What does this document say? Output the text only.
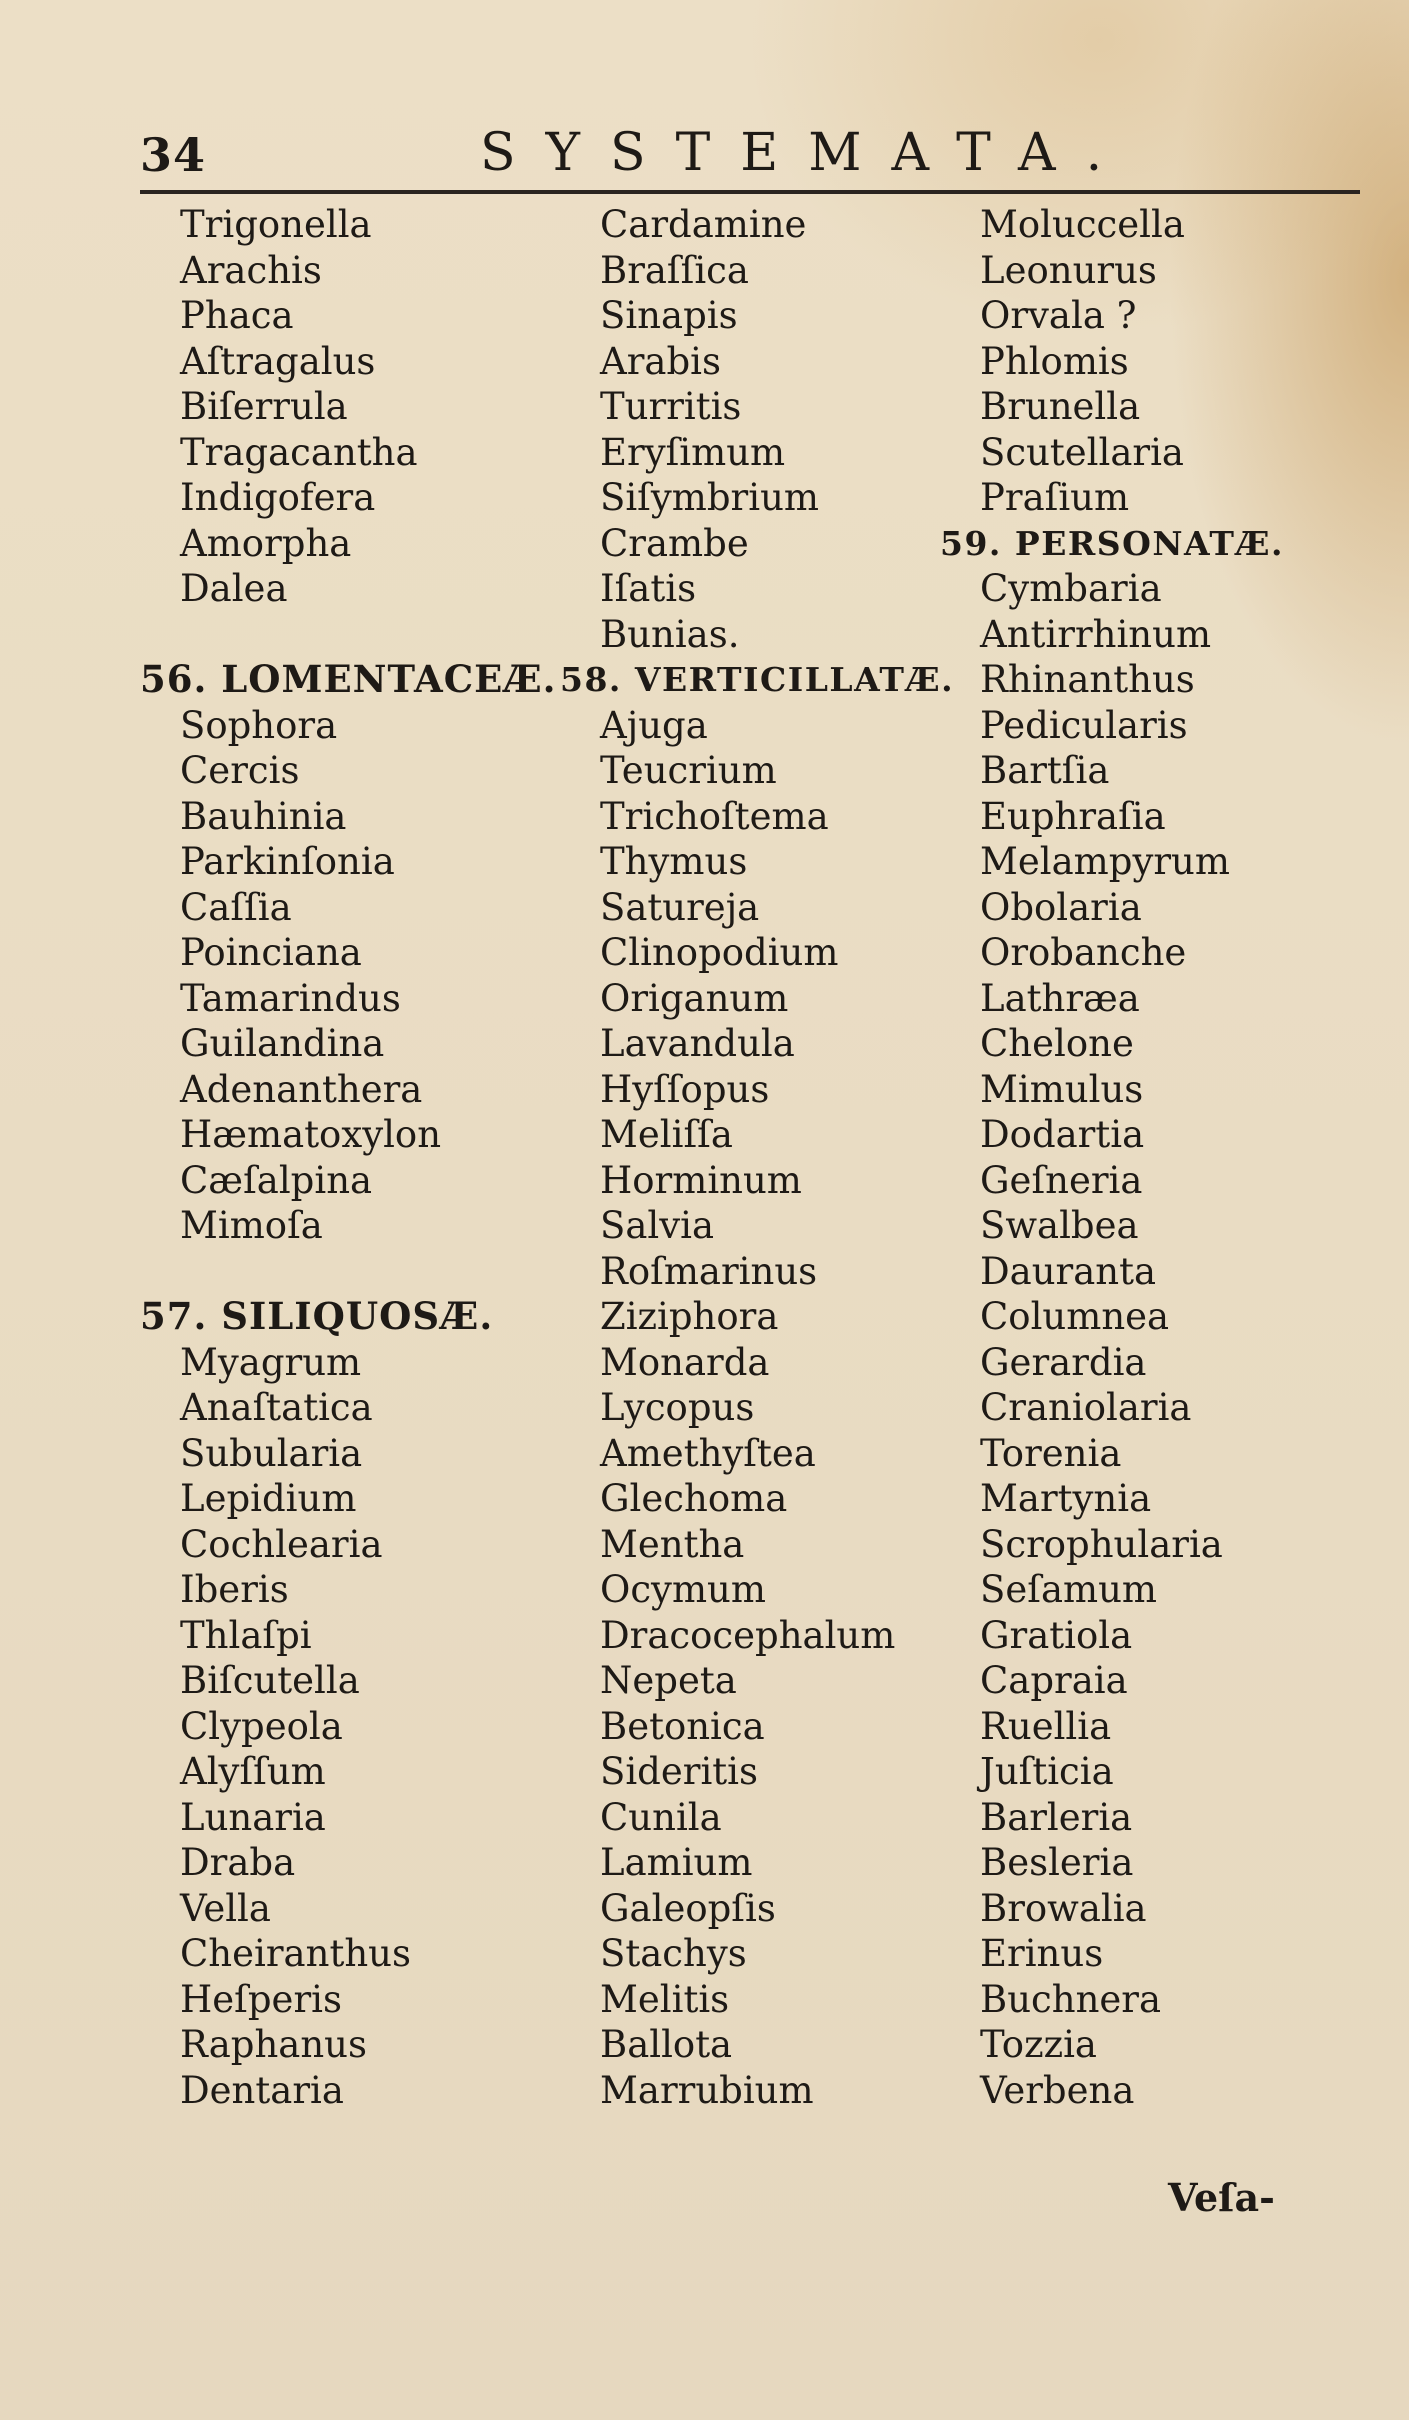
34	SYSTEMATA.
Trigonella
Arachis
Phaca
Aſtragalus
Biſerrula
Tragacantha
Indigofera
Amorpha
Dalea
56. LOMENTACEÆ.
Sophora
Cercis
Bauhinia
Parkinſonia
Caſſia
Poinciana
Tamarindus
Guilandina
Adenanthera
Hæmatoxylon
Cæſalpina
Mimoſa
57. SILIQUOSÆ.
Myagrum
Anaſtatica
Subularia
Lepidium
Cochlearia
Iberis
Thlaſpi
Biſcutella
Clypeola
Alyſſum
Lunaria
Draba
Vella
Cheiranthus
Heſperis
Raphanus
Dentaria
Cardamine
Braſſica
Sinapis
Arabis
Turritis
Eryſimum
Siſymbrium
Crambe
Iſatis
Bunias.
58. VERTICILLATÆ.
Ajuga
Teucrium
Trichoſtema
Thymus
Satureja
Clinopodium
Origanum
Lavandula
Hyſſopus
Meliſſa
Horminum
Salvia
Roſmarinus
Ziziphora
Monarda
Lycopus
Amethyſtea
Glechoma
Mentha
Ocymum
Dracocephalum
Nepeta
Betonica
Sideritis
Cunila
Lamium
Galeopſis
Stachys
Melitis
Ballota
Marrubium
Moluccella
Leonurus
Orvala ?
Phlomis
Brunella
Scutellaria
Praſium
59. PERSONATÆ.
Cymbaria
Antirrhinum
Rhinanthus
Pedicularis
Bartſia
Euphraſia
Melampyrum
Obolaria
Orobanche
Lathræa
Chelone
Mimulus
Dodartia
Geſneria
Swalbea
Dauranta
Columnea
Gerardia
Craniolaria
Torenia
Martynia
Scrophularia
Seſamum
Gratiola
Capraia
Ruellia
Juſticia
Barleria
Besleria
Browalia
Erinus
Buchnera
Tozzia
Verbena
Veſa-
